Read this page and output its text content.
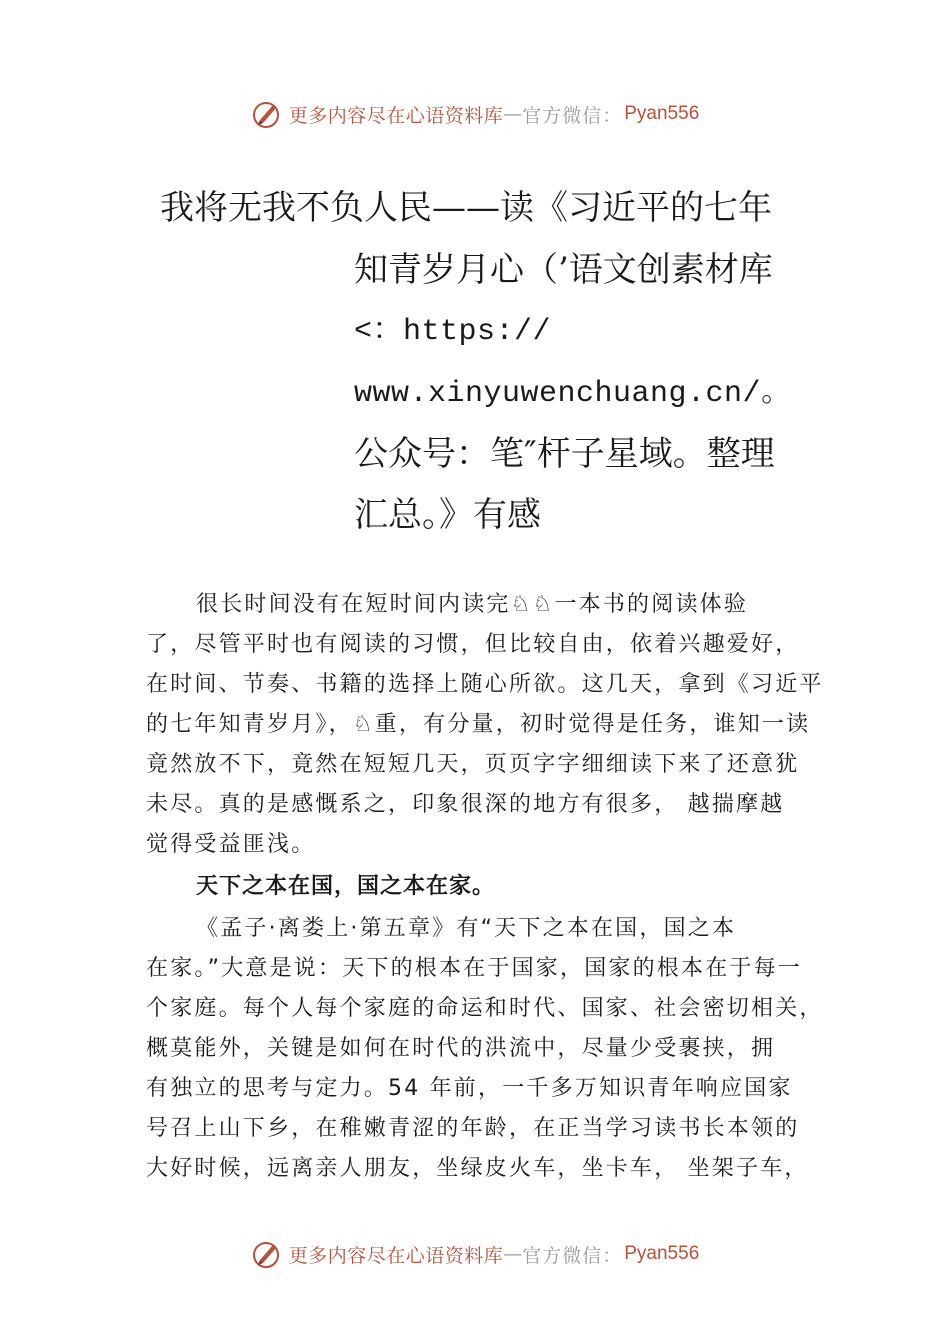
更多内容尽在心语资料库 — 官方微信： Pyan556
我将无我不负人民——读《习近平的七年
知青岁月心（’语文创素材库
<：https://
www.xinyuwenchuang.cn/。
公众号：笔″杆子星域。整理
汇总。》有感

很长时间没有在短时间内读完♘♘一本书的阅读体验

了，尽管平时也有阅读的习惯，但比较自由，依着兴趣爱好，

在时间、节奏、书籍的选择上随心所欲。这几天，拿到《习近平

的七年知青岁月》，♘重，有分量，初时觉得是任务，谁知一读

竟然放不下，竟然在短短几天，页页字字细细读下来了还意犹

未尽。真的是感慨系之，印象很深的地方有很多， 越揣摩越

觉得受益匪浅。

天下之本在国，国之本在家。

《孟子·离娄上·第五章》有“天下之本在国，国之本

在家。”大意是说：天下的根本在于国家，国家的根本在于每一

个家庭。每个人每个家庭的命运和时代、国家、社会密切相关，

概莫能外，关键是如何在时代的洪流中，尽量少受裹挟，拥

有独立的思考与定力。54 年前，一千多万知识青年响应国家

号召上山下乡，在稚嫩青涩的年龄，在正当学习读书长本领的

大好时候，远离亲人朋友，坐绿皮火车，坐卡车， 坐架子车，

更多内容尽在心语资料库 — 官方微信： Pyan556
